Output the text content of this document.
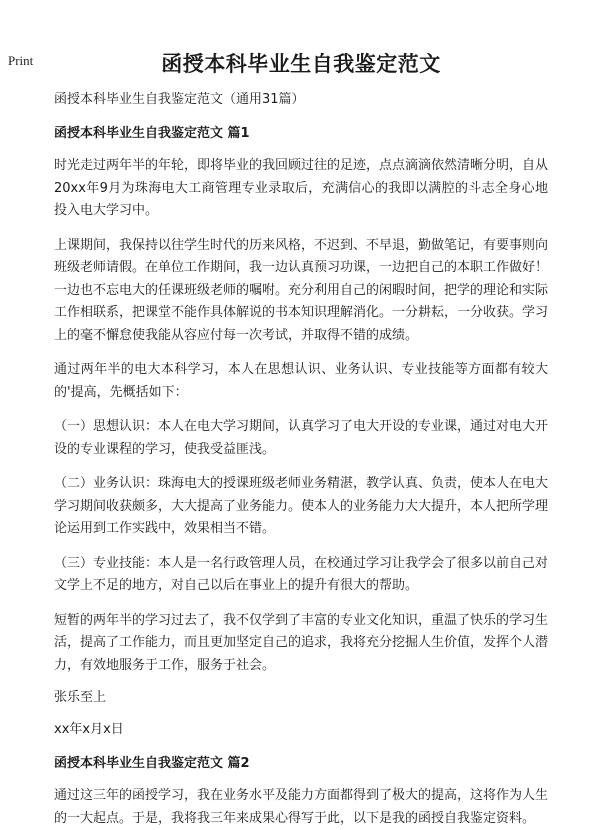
Print	函授本科毕业生自我鉴定范文
函授本科毕业生自我鉴定范文（通用31篇）
函授本科毕业生自我鉴定范文 篇1

时光走过两年半的年轮，即将毕业的我回顾过往的足迹，点点滴滴依然清晰分明，自从20xx年9月为珠海电大工商管理专业录取后，充满信心的我即以满腔的斗志全身心地投入电大学习中。

上课期间，我保持以往学生时代的历来风格，不迟到、不早退，勤做笔记，有要事则向班级老师请假。在单位工作期间，我一边认真预习功课，一边把自己的本职工作做好！一边也不忘电大的任课班级老师的嘱咐。充分利用自己的闲暇时间，把学的理论和实际工作相联系，把课堂不能作具体解说的书本知识理解消化。一分耕耘，一分收获。学习上的毫不懈怠使我能从容应付每一次考试，并取得不错的成绩。

通过两年半的电大本科学习，本人在思想认识、业务认识、专业技能等方面都有较大的'提高，先概括如下：

（一）思想认识：本人在电大学习期间，认真学习了电大开设的专业课，通过对电大开设的专业课程的学习，使我受益匪浅。

（二）业务认识：珠海电大的授课班级老师业务精湛，教学认真、负责，使本人在电大学习期间收获颇多，大大提高了业务能力。使本人的业务能力大大提升，本人把所学理论运用到工作实践中，效果相当不错。

（三）专业技能：本人是一名行政管理人员，在校通过学习让我学会了很多以前自己对文学上不足的地方，对自己以后在事业上的提升有很大的帮助。

短暂的两年半的学习过去了，我不仅学到了丰富的专业文化知识，重温了快乐的学习生活，提高了工作能力，而且更加坚定自己的追求，我将充分挖掘人生价值，发挥个人潜力，有效地服务于工作，服务于社会。

张乐至上
xx年x月x日
函授本科毕业生自我鉴定范文 篇2

通过这三年的函授学习，我在业务水平及能力方面都得到了极大的提高，这将作为人生的一大起点。于是，我将我三年来成果心得写于此，以下是我的函授自我鉴定资料。
